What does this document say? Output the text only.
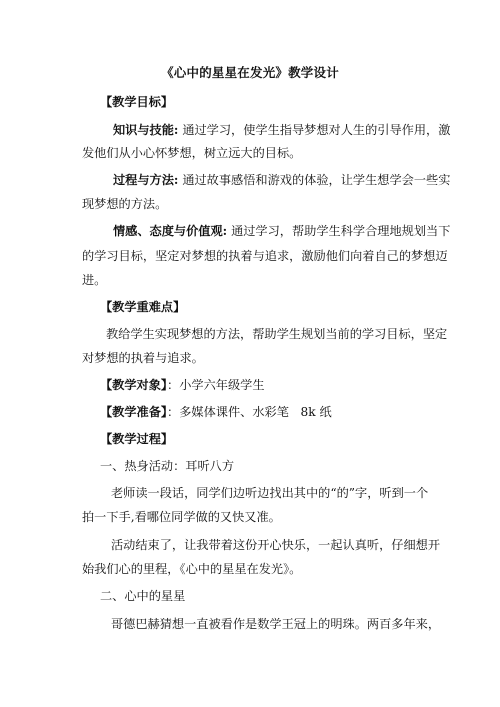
《心中的星星在发光》教学设计
【教学目标】
知识与技能: 通过学习，使学生指导梦想对人生的引导作用，激
发他们从小心怀梦想，树立远大的目标。
过程与方法: 通过故事感悟和游戏的体验，让学生想学会一些实
现梦想的方法。
情感、态度与价值观: 通过学习，帮助学生科学合理地规划当下
的学习目标，坚定对梦想的执着与追求，激励他们向着自己的梦想迈
进。
【教学重难点】
教给学生实现梦想的方法，帮助学生规划当前的学习目标，坚定
对梦想的执着与追求。
【教学对象】：小学六年级学生
【教学准备】：多媒体课件、水彩笔   8k 纸
【教学过程】
一、热身活动：耳听八方
老师读一段话，同学们边听边找出其中的“的”字，听到一个
拍一下手,看哪位同学做的又快又准。
活动结束了，让我带着这份开心快乐，一起认真听，仔细想开
始我们心的里程，《心中的星星在发光》。
二、心中的星星
哥德巴赫猜想一直被看作是数学王冠上的明珠。两百多年来，
